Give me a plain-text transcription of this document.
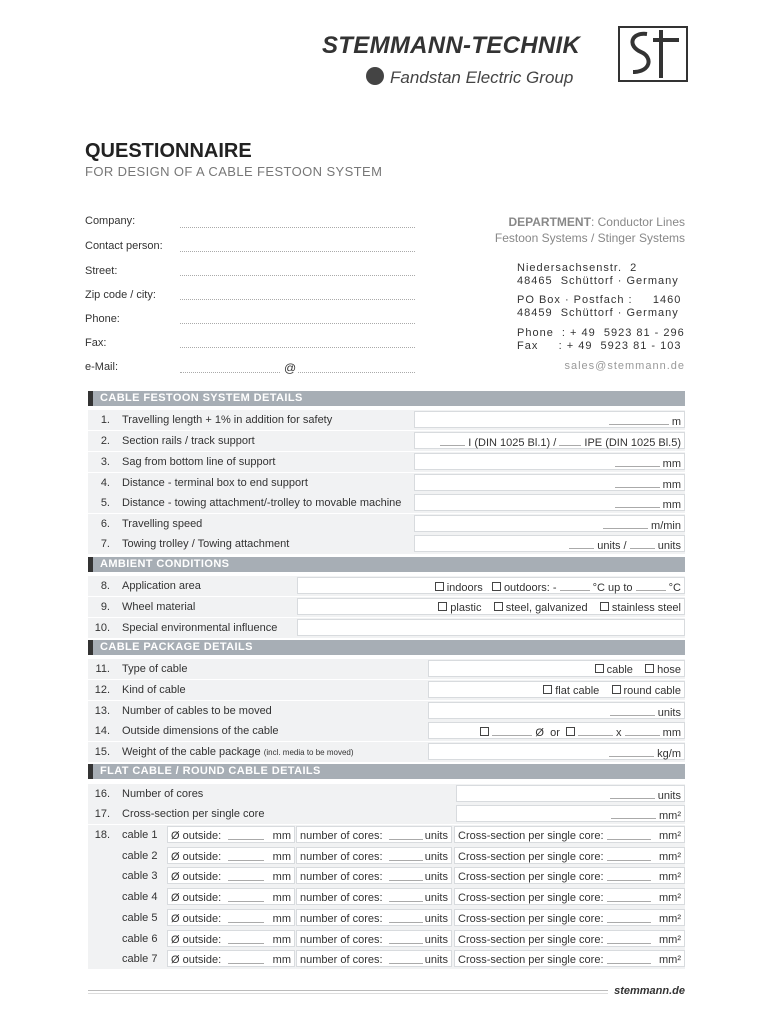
STEMMANN-TECHNIK
Fandstan Electric Group
QUESTIONNAIRE
FOR DESIGN OF A CABLE FESTOON SYSTEM
Company:
Contact person:
Street:
Zip code / city:
Phone:
Fax:
e-Mail:	@
DEPARTMENT: Conductor Lines
Festoon Systems / Stinger Systems
Niedersachsenstr.  2
48465  Schüttorf · Germany
PO Box · Postfach :     1460
48459  Schüttorf · Germany
Phone  : + 49  5923 81 - 296
Fax     : + 49  5923 81 - 103
sales@stemmann.de
CABLE FESTOON SYSTEM DETAILS
1. Travelling length + 1% in addition for safety	m
2. Section rails / track support	I (DIN 1025 Bl.1) /	IPE (DIN 1025 Bl.5)
3. Sag from bottom line of support	mm
4. Distance - terminal box to end support	mm
5. Distance - towing attachment/-trolley to movable machine	mm
6. Travelling speed	m/min
7. Towing trolley / Towing attachment	units /	units
AMBIENT CONDITIONS
8. Application area	indoors outdoors: -	°C up to	°C
9. Wheel material	plastic steel, galvanized stainless steel
10. Special environmental influence
CABLE PACKAGE DETAILS
11. Type of cable	cable hose
12. Kind of cable	flat cable round cable
13. Number of cables to be moved	units
14. Outside dimensions of the cable	Ø or	x	mm
15. Weight of the cable package (incl. media to be moved)	kg/m
FLAT CABLE / ROUND CABLE DETAILS
16. Number of cores	units
17. Cross-section per single core	mm²
18. cable 1 Ø outside:	mm number of cores:	units Cross-section per single core:	mm²
cable 2 Ø outside:	mm number of cores:	units Cross-section per single core:	mm²
cable 3 Ø outside:	mm number of cores:	units Cross-section per single core:	mm²
cable 4 Ø outside:	mm number of cores:	units Cross-section per single core:	mm²
cable 5 Ø outside:	mm number of cores:	units Cross-section per single core:	mm²
cable 6 Ø outside:	mm number of cores:	units Cross-section per single core:	mm²
cable 7 Ø outside:	mm number of cores:	units Cross-section per single core:	mm²
stemmann.de
